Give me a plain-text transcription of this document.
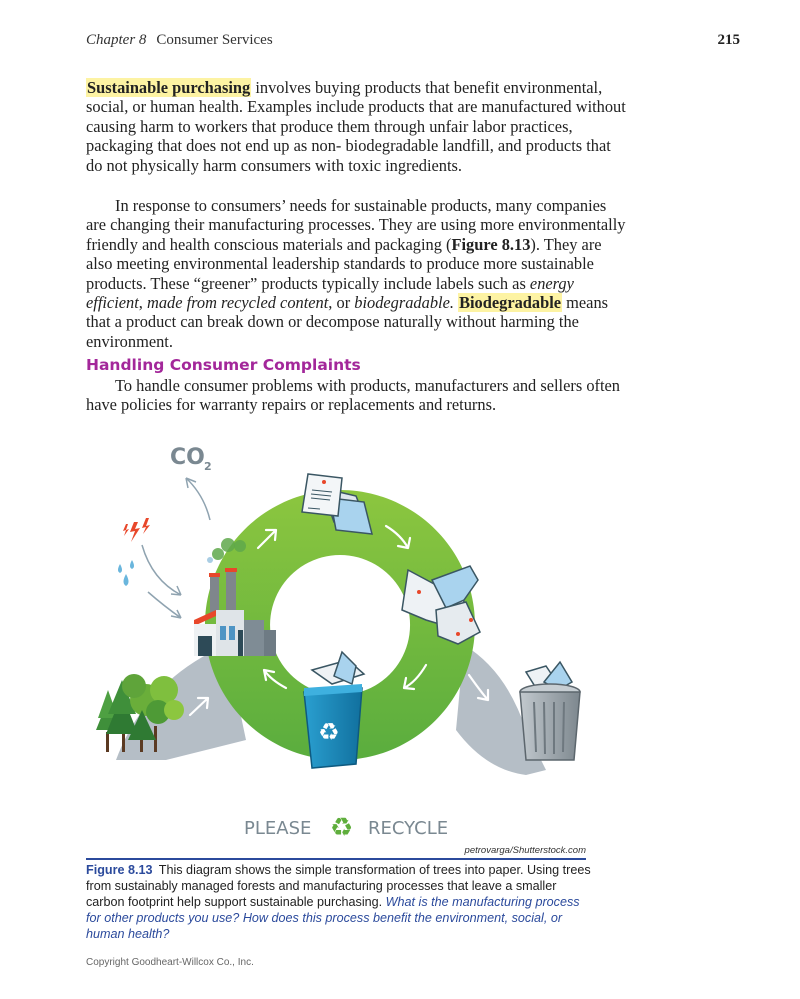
Chapter 8 Consumer Services	215

Sustainable purchasing involves buying products that benefit environmental, social, or human health. Examples include products that are manufactured without causing harm to workers that produce them through unfair labor practices, packaging that does not end up as non- biodegradable landfill, and products that do not physically harm consumers with toxic ingredients.

In response to consumers’ needs for sustainable products, many companies are changing their manufacturing processes. They are using more environmentally friendly and health conscious materials and packaging (Figure 8.13). They are also meeting environmental leadership standards to produce more sustainable products. These “greener” products typically include labels such as energy efficient, made from recycled content, or biodegradable. Biodegradable means that a product can break down or decompose naturally without harming the environment.

Handling Consumer Complaints

To handle consumer problems with products, manufacturers and sellers often have policies for warranty repairs or replacements and returns.

CO 2
♻
PLEASE ♻ RECYCLE
petrovarga/Shutterstock.com
Figure 8.13 This diagram shows the simple transformation of trees into paper. Using trees from sustainably managed forests and manufacturing processes that leave a smaller carbon footprint help support sustainable purchasing. What is the manufacturing process for other products you use? How does this process benefit the environment, social, or human health?
Copyright Goodheart-Willcox Co., Inc.
